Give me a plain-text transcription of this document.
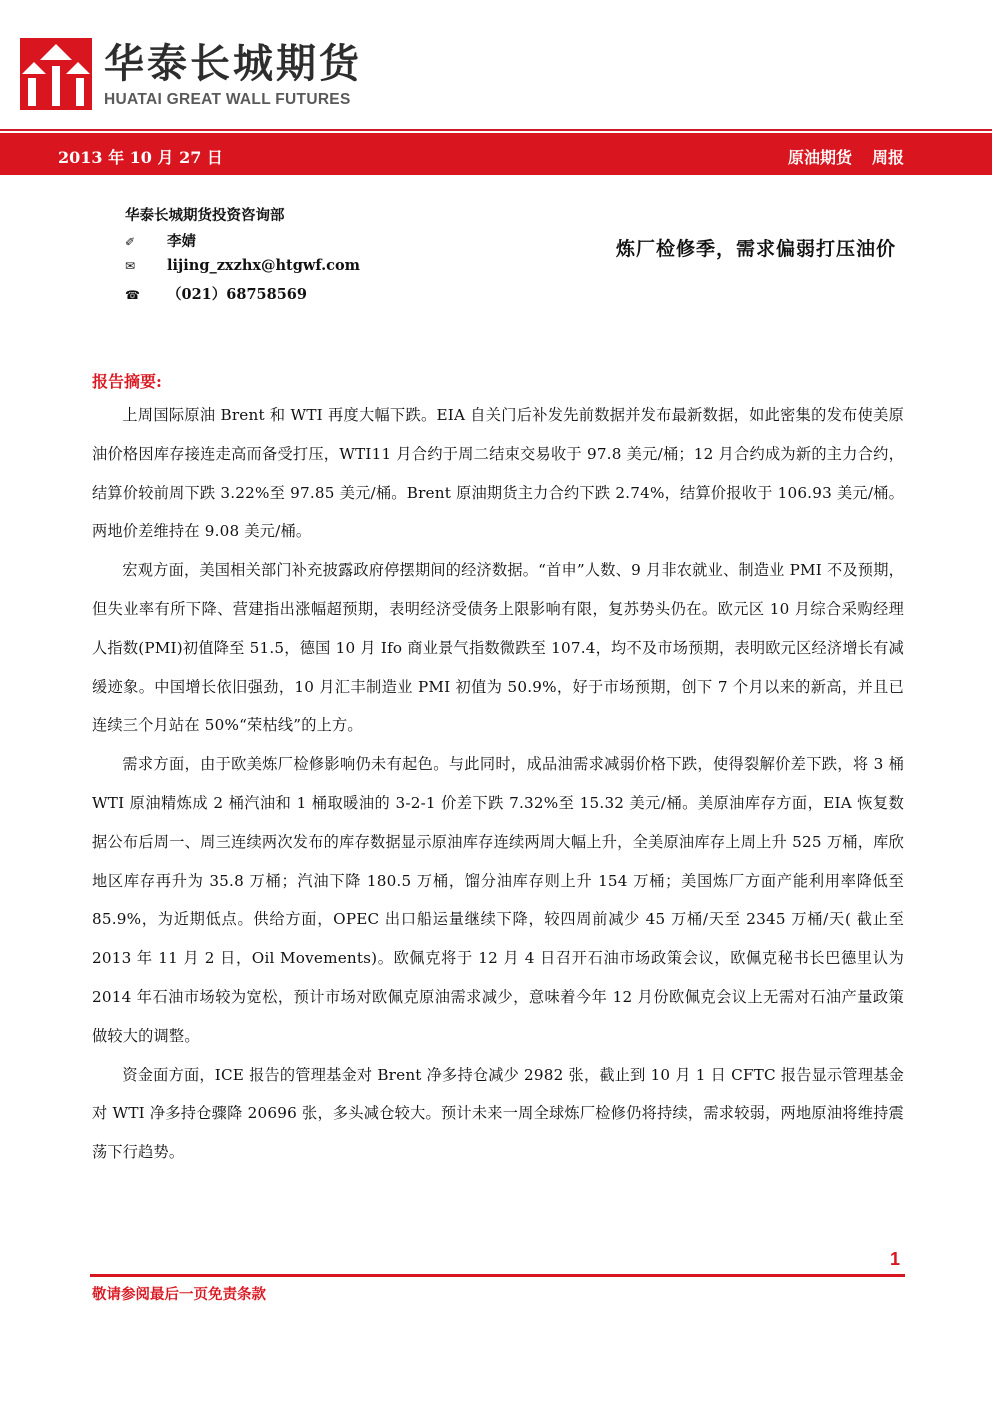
华泰长城期货
HUATAI GREAT WALL FUTURES
2013 年 10 月 27 日	原油期货 周报
华泰长城期货投资咨询部
✐ 李婧
✉ lijing_zxzhx@htgwf.com
☎ （021）68758569
炼厂检修季，需求偏弱打压油价
报告摘要:

上周国际原油 Brent 和 WTI 再度大幅下跌。EIA 自关门后补发先前数据并发布最新数据，如此密集的发布使美原油价格因库存接连走高而备受打压，WTI11 月合约于周二结束交易收于 97.8 美元/桶；12 月合约成为新的主力合约，结算价较前周下跌 3.22%至 97.85 美元/桶。Brent 原油期货主力合约下跌 2.74%，结算价报收于 106.93 美元/桶。两地价差维持在 9.08 美元/桶。

宏观方面，美国相关部门补充披露政府停摆期间的经济数据。“首申”人数、9 月非农就业、制造业 PMI 不及预期，但失业率有所下降、营建指出涨幅超预期，表明经济受债务上限影响有限，复苏势头仍在。欧元区 10 月综合采购经理人指数(PMI)初值降至 51.5，德国 10 月 Ifo 商业景气指数微跌至 107.4，均不及市场预期，表明欧元区经济增长有减缓迹象。中国增长依旧强劲，10 月汇丰制造业 PMI 初值为 50.9%，好于市场预期，创下 7 个月以来的新高，并且已连续三个月站在 50%“荣枯线”的上方。

需求方面，由于欧美炼厂检修影响仍未有起色。与此同时，成品油需求减弱价格下跌，使得裂解价差下跌，将 3 桶 WTI 原油精炼成 2 桶汽油和 1 桶取暖油的 3-2-1 价差下跌 7.32%至 15.32 美元/桶。美原油库存方面，EIA 恢复数据公布后周一、周三连续两次发布的库存数据显示原油库存连续两周大幅上升，全美原油库存上周上升 525 万桶，库欣地区库存再升为 35.8 万桶；汽油下降 180.5 万桶，馏分油库存则上升 154 万桶；美国炼厂方面产能利用率降低至 85.9%，为近期低点。供给方面，OPEC 出口船运量继续下降，较四周前减少 45 万桶/天至 2345 万桶/天( 截止至 2013 年 11 月 2 日，Oil Movements)。欧佩克将于 12 月 4 日召开石油市场政策会议，欧佩克秘书长巴德里认为 2014 年石油市场较为宽松，预计市场对欧佩克原油需求减少，意味着今年 12 月份欧佩克会议上无需对石油产量政策做较大的调整。

资金面方面，ICE 报告的管理基金对 Brent 净多持仓减少 2982 张，截止到 10 月 1 日 CFTC 报告显示管理基金对 WTI 净多持仓骤降 20696 张，多头减仓较大。预计未来一周全球炼厂检修仍将持续，需求较弱，两地原油将维持震荡下行趋势。

1
敬请参阅最后一页免责条款
